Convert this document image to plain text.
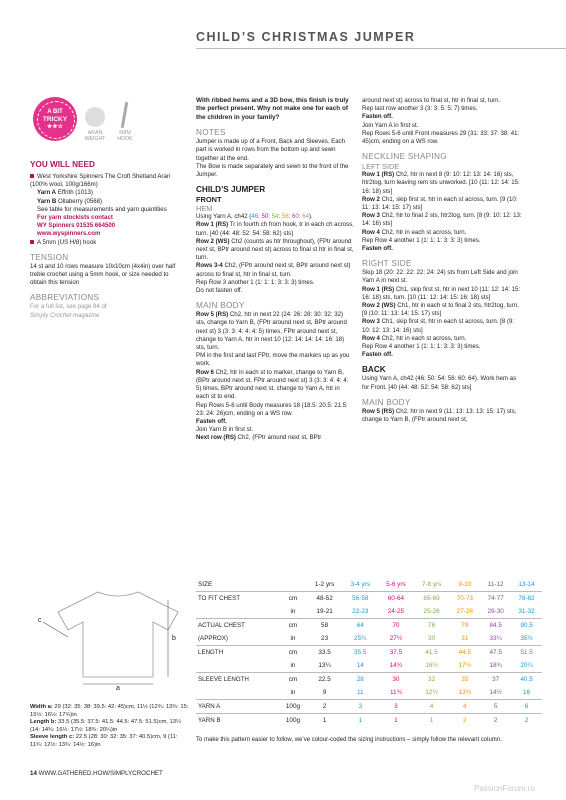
CHILD’S CHRISTMAS JUMPER
A BIT
TRICKY
★★☆
ARAN
WEIGHT
5MM
HOOK
YOU WILL NEED

West Yorkshire Spinners The Croft Shetland Aran (100% wool, 100g/166m)

Yarn A Effrith (1013)

Yarn B Ollaberry (0568)

See table for measurements and yarn quantities

For yarn stockists contact

WY Spinners 01535 664500

www.wyspinners.com

A 5mm (US H/8) hook

TENSION

14 st and 10 rows measure 10x10cm (4x4in) over half treble crochet using a 5mm hook, or size needed to obtain this tension

ABBREVIATIONS

For a full list, see page 84 of

Simply Crochet magazine

With ribbed hems and a 3D bow, this finish is truly the perfect present. Why not make one for each of the children in your family?

NOTES

Jumper is made up of a Front, Back and Sleeves. Each part is worked in rows from the bottom up and sewn together at the end.

The Bow is made separately and sewn to the front of the Jumper.

CHILD’S JUMPER
FRONT
HEM

Using Yarn A, ch42 (46: 50: 54: 56: 60: 64).

Row 1 (RS) Tr in fourth ch from hook, tr in each ch across, turn. [40 (44: 48: 52: 54: 58: 62) sts]

Row 2 (WS) Ch2 (counts as htr throughout), (FPtr around next st, BPtr around next st) across to final st htr in final st, turn.

Rows 3-4 Ch2, (FPtr around next st, BPtr around next st) across to final st, htr in final st, turn.

Rep Row 3 another 1 (1: 1: 1: 3: 3: 3) times.

Do not fasten off.

MAIN BODY

Row 5 (RS) Ch2, htr in next 22 (24: 26: 28: 30: 32: 32) sts, change to Yarn B, (FPtr around next st, BPtr around next st) 3 (3: 3: 4: 4: 4: 5) times, FPtr around next st, change to Yarn A, htr in next 10 (12: 14: 14: 14: 16: 18) sts, turn.

PM in the first and last FPtr, move the markers up as you work.

Row 6 Ch2, htr in each st to marker, change to Yarn B, (BPtr around next st, FPtr around next st) 3 (3: 3: 4: 4: 4: 5) times, BPtr around next st, change to Yarn A, htr in each st to end.

Rep Rows 5-6 until Body measures 18 (18.5: 20.5: 21.5: 23: 24: 26)cm, ending on a WS row.

Fasten off.

Join Yarn B in first st.

Next row (RS) Ch2, (FPtr around next st, BPtr

around next st) across to final st, htr in final st, turn.

Rep last row another 3 (3: 3: 5: 5: 7) times.

Fasten off.

Join Yarn A in first st.

Rep Rows 5-6 until Front measures 29 (31: 33: 37: 38: 41: 45)cm, ending on a WS row.

NECKLINE SHAPING
LEFT SIDE

Row 1 (RS) Ch2, htr in next 8 (9: 10: 12: 13: 14: 16) sts, htr2tog, turn leaving rem sts unworked. [10 (11: 12: 14: 15: 16: 18) sts]

Row 2 Ch1, skip first st, htr in each st across, turn. [9 (10: 11: 13: 14: 15: 17) sts]

Row 3 Ch2, htr to final 2 sts, htr2tog, turn. [8 (9: 10: 12: 13: 14: 16) sts]

Row 4 Ch2, htr in each st across, turn.

Rep Row 4 another 1 (1: 1: 1: 3: 3: 3) times.

Fasten off.

RIGHT SIDE

Skip 18 (20: 22: 22: 22: 24: 24) sts from Left Side and join Yarn A in next st.

Row 1 (RS) Ch1, skip first st, htr in next 10 (11: 12: 14: 15: 16: 18) sts, turn. [10 (11: 12: 14: 15: 16: 18) sts]

Row 2 (WS) Ch1, htr in each st to final 2 sts, htr2tog, turn. [9 (10: 11: 13: 14: 15: 17) sts]

Row 3 Ch1, skip first st, htr in each st across, turn. [8 (9: 10: 12: 13: 14: 16) sts]

Row 4 Ch2, htr in each st across, turn.

Rep Row 4 another 1 (1: 1: 1: 3: 3: 3) times.

Fasten off.

BACK

Using Yarn A, ch42 (46: 50: 54: 56: 60: 64). Work hem as for Front. [40 (44: 48: 52: 54: 58: 62) sts]

MAIN BODY

Row 5 (RS) Ch2, htr in next 9 (11: 13: 13: 13: 15: 17) sts, change to Yarn B, (FPtr around next st,

a
b
c

Width a: 29 (32: 35: 38: 39.5: 42: 45)cm, 11½ (12¾: 13¾: 15: 15½: 16½: 17¾)in

Length b: 33.5 (35.5: 37.5: 41.5: 44.5: 47.5: 51.5)cm, 13¼ (14: 14¾: 16½: 17½: 18¾: 20¼)in

Sleeve length c: 22.5 (28: 30: 32: 35: 37: 40.5)cm, 9 (11: 11¾: 12½: 13¾: 14½: 16)in

SIZE		1-2 yrs	3-4 yrs	5-6 yrs	7-8 yrs	9-10	11-12	13-14
TO FIT CHEST	cm	48-52	56-58	60-64	65-69	70-73	74-77	78-82
	in	19-21	22-23	24-25	25-26	27-28	29-30	31-32
ACTUAL CHEST	cm	58	64	70	76	79	84.5	90.5
(APPROX)	in	23	25¼	27½	30	31	33¼	35½
LENGTH	cm	33.5	35.5	37.5	41.5	44.5	47.5	51.5
	in	13¼	14	14¾	16½	17½	18¾	20¼
SLEEVE LENGTH	cm	22.5	28	30	32	35	37	40.5
	in	9	11	11¾	12½	13¾	14½	16
YARN A	100g	2	3	3	4	4	5	6
YARN B	100g	1	1	1	1	2	2	2
To make this pattern easier to follow, we’ve colour-coded the sizing instructions – simply follow the relevant column.
14 WWW.GATHERED.HOW/SIMPLYCROCHET
PassionForum.ru
